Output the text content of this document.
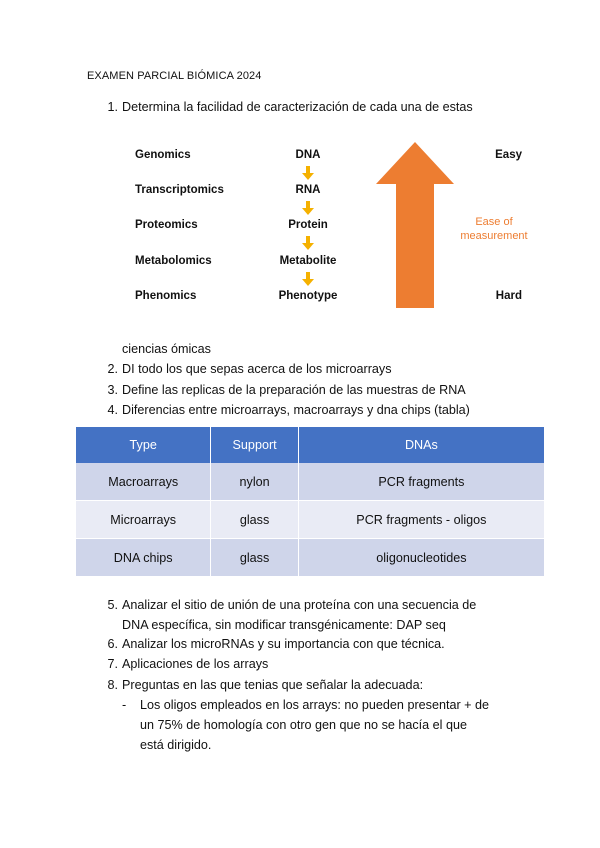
EXAMEN PARCIAL BIÓMICA 2024
1. Determina la facilidad de caracterización de cada una de estas
Genomics
Transcriptomics
Proteomics
Metabolomics
Phenomics
DNA
RNA
Protein
Metabolite
Phenotype
Easy
Ease of
measurement
Hard
ciencias ómicas
2. DI todo los que sepas acerca de los microarrays
3. Define las replicas de la preparación de las muestras de RNA
4. Diferencias entre microarrays, macroarrays y dna chips (tabla)
Type	Support	DNAs
Macroarrays	nylon	PCR fragments
Microarrays	glass	PCR fragments - oligos
DNA chips	glass	oligonucleotides
5. Analizar el sitio de unión de una proteína con una secuencia de
DNA específica, sin modificar transgénicamente: DAP seq
6. Analizar los microRNAs y su importancia con que técnica.
7. Aplicaciones de los arrays
8. Preguntas en las que tenias que señalar la adecuada:
- Los oligos empleados en los arrays: no pueden presentar + de
un 75% de homología con otro gen que no se hacía el que
está dirigido.
